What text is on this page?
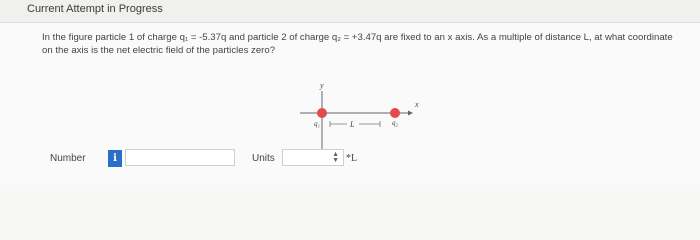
Current Attempt in Progress
In the figure particle 1 of charge q₁ = -5.37q and particle 2 of charge q₂ = +3.47q are fixed to an x axis. As a multiple of distance L, at what coordinate on the axis is the net electric field of the particles zero?
y
x
q₁	q₂
L
Number	i	Units	▲
▼ *L
